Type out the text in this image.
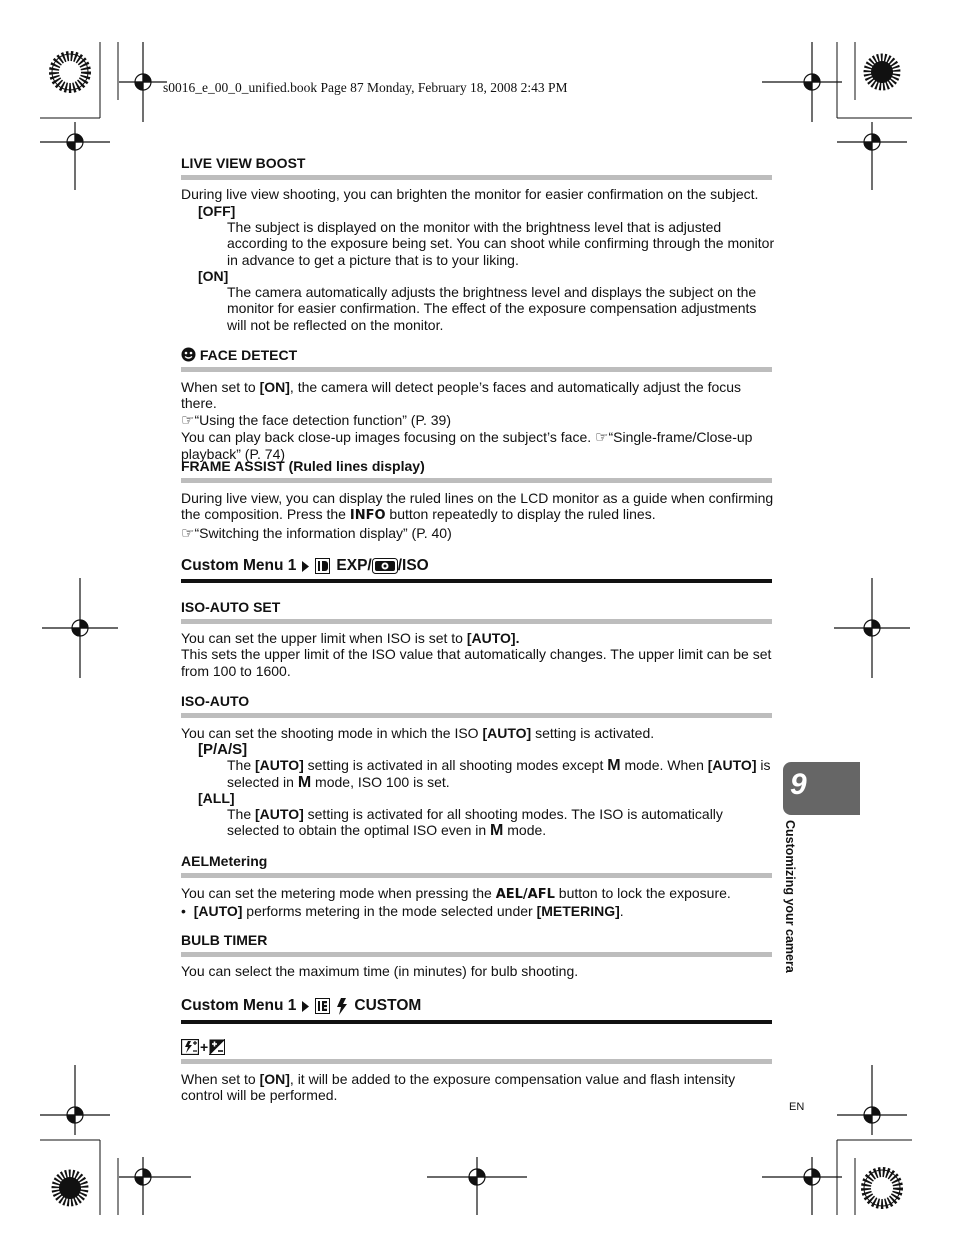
s0016_e_00_0_unified.book Page 87 Monday, February 18, 2008 2:43 PM
LIVE VIEW BOOST
During live view shooting, you can brighten the monitor for easier confirmation on the subject.
[OFF]
The subject is displayed on the monitor with the brightness level that is adjusted according to the exposure being set. You can shoot while confirming through the monitor in advance to get a picture that is to your liking.
[ON]
The camera automatically adjusts the brightness level and displays the subject on the monitor for easier confirmation. The effect of the exposure compensation adjustments will not be reflected on the monitor.
FACE DETECT
When set to [ON], the camera will detect people’s faces and automatically adjust the focus there.
☞“Using the face detection function” (P. 39)
You can play back close-up images focusing on the subject’s face. ☞“Single-frame/Close-up playback” (P. 74)
FRAME ASSIST (Ruled lines display)
During live view, you can display the ruled lines on the LCD monitor as a guide when confirming the composition. Press the INFO button repeatedly to display the ruled lines.
☞“Switching the information display” (P. 40)
Custom Menu 1	EXP/ /ISO
ISO-AUTO SET
You can set the upper limit when ISO is set to [AUTO].
This sets the upper limit of the ISO value that automatically changes. The upper limit can be set from 100 to 1600.
ISO-AUTO
You can set the shooting mode in which the ISO [AUTO] setting is activated.
[P/A/S]
The [AUTO] setting is activated in all shooting modes except M mode. When [AUTO] is selected in M mode, ISO 100 is set.
[ALL]
The [AUTO] setting is activated for all shooting modes. The ISO is automatically selected to obtain the optimal ISO even in M mode.
AELMetering
You can set the metering mode when pressing the AEL/AFL button to lock the exposure.
•  [AUTO] performs metering in the mode selected under [METERING].
BULB TIMER
You can select the maximum time (in minutes) for bulb shooting.
Custom Menu 1	CUSTOM
+
When set to [ON], it will be added to the exposure compensation value and flash intensity control will be performed.
9
Customizing your camera
EN
